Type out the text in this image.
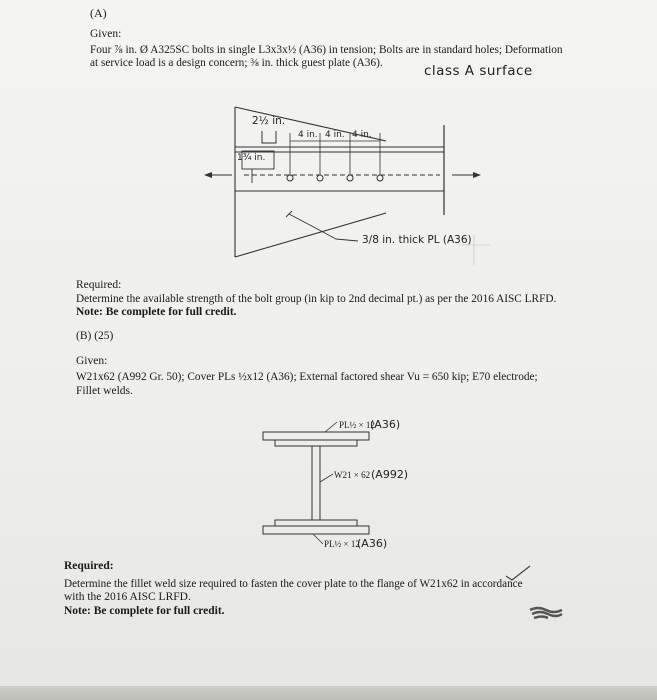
(A)
Given:
Four ⅞ in. Ø A325SC bolts in single L3x3x½ (A36) in tension; Bolts are in standard holes; Deformation
at service load is a design concern; ⅜ in. thick guest plate (A36).	class A surface
2½ in.
1¾ in.
4 in. 4 in. 4 in.
3/8 in. thick PL (A36)
Required:
Determine the available strength of the bolt group (in kip to 2nd decimal pt.) as per the 2016 AISC LRFD.
Note: Be complete for full credit.
(B) (25)
Given:
W21x62 (A992 Gr. 50); Cover PLs ½x12 (A36); External factored shear Vu = 650 kip; E70 electrode;
Fillet welds.
PL½ × 12
(A36)
W21 × 62 (A992)
PL½ × 12
(A36)
Required:
Determine the fillet weld size required to fasten the cover plate to the flange of W21x62 in accordance
with the 2016 AISC LRFD.
Note: Be complete for full credit.
